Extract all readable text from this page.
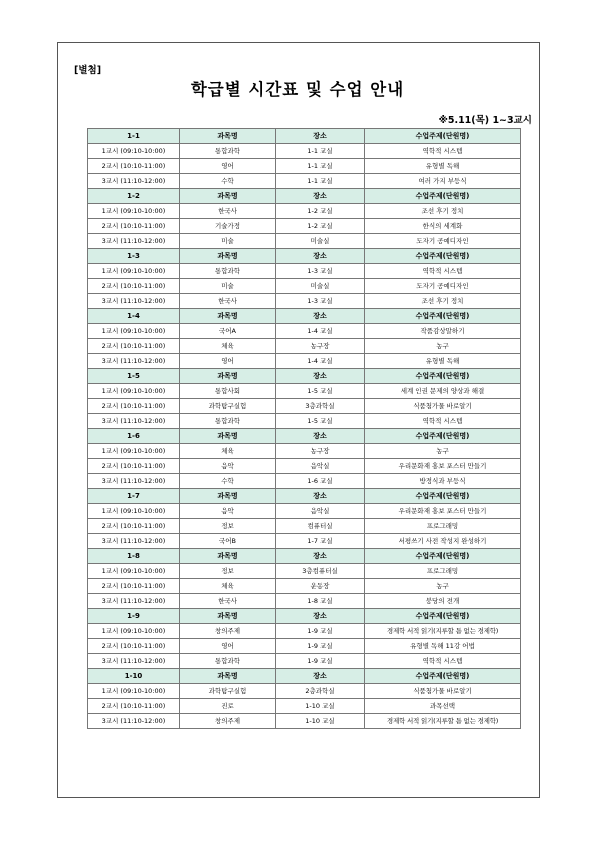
[별첨]
학급별 시간표 및 수업 안내
※5.11(목) 1~3교시
1-1	과목명	장소	수업주제(단원명)
1교시 (09:10-10:00)	통합과학	1-1 교실	역학적 시스템
2교시 (10:10-11:00)	영어	1-1 교실	유형별 독해
3교시 (11:10-12:00)	수학	1-1 교실	여러 가지 부등식
1-2	과목명	장소	수업주제(단원명)
1교시 (09:10-10:00)	한국사	1-2 교실	조선 후기 정치
2교시 (10:10-11:00)	기술가정	1-2 교실	한식의 세계화
3교시 (11:10-12:00)	미술	미술실	도자기 공예디자인
1-3	과목명	장소	수업주제(단원명)
1교시 (09:10-10:00)	통합과학	1-3 교실	역학적 시스템
2교시 (10:10-11:00)	미술	미술실	도자기 공예디자인
3교시 (11:10-12:00)	한국사	1-3 교실	조선 후기 정치
1-4	과목명	장소	수업주제(단원명)
1교시 (09:10-10:00)	국어A	1-4 교실	작품감상말하기
2교시 (10:10-11:00)	체육	농구장	농구
3교시 (11:10-12:00)	영어	1-4 교실	유형별 독해
1-5	과목명	장소	수업주제(단원명)
1교시 (09:10-10:00)	통합사회	1-5 교실	세계 인권 문제의 양상과 해결
2교시 (10:10-11:00)	과학탐구실험	3층과학실	식품첨가물 바로알기
3교시 (11:10-12:00)	통합과학	1-5 교실	역학적 시스템
1-6	과목명	장소	수업주제(단원명)
1교시 (09:10-10:00)	체육	농구장	농구
2교시 (10:10-11:00)	음악	음악실	우리문화재 홍보 포스터 만들기
3교시 (11:10-12:00)	수학	1-6 교실	방정식과 부등식
1-7	과목명	장소	수업주제(단원명)
1교시 (09:10-10:00)	음악	음악실	우리문화재 홍보 포스터 만들기
2교시 (10:10-11:00)	정보	컴퓨터실	프로그래밍
3교시 (11:10-12:00)	국어B	1-7 교실	서평쓰기 사전 작성지 완성하기
1-8	과목명	장소	수업주제(단원명)
1교시 (09:10-10:00)	정보	3층컴퓨터실	프로그래밍
2교시 (10:10-11:00)	체육	운동장	농구
3교시 (11:10-12:00)	한국사	1-8 교실	붕당의 전개
1-9	과목명	장소	수업주제(단원명)
1교시 (09:10-10:00)	창의주제	1-9 교실	경제학 서적 읽기(지루할 틈 없는 경제학)
2교시 (10:10-11:00)	영어	1-9 교실	유형별 독해 11강 어법
3교시 (11:10-12:00)	통합과학	1-9 교실	역학적 시스템
1-10	과목명	장소	수업주제(단원명)
1교시 (09:10-10:00)	과학탐구실험	2층과학실	식품첨가물 바로알기
2교시 (10:10-11:00)	진로	1-10 교실	과목선택
3교시 (11:10-12:00)	창의주제	1-10 교실	경제학 서적 읽기(지루할 틈 없는 경제학)
